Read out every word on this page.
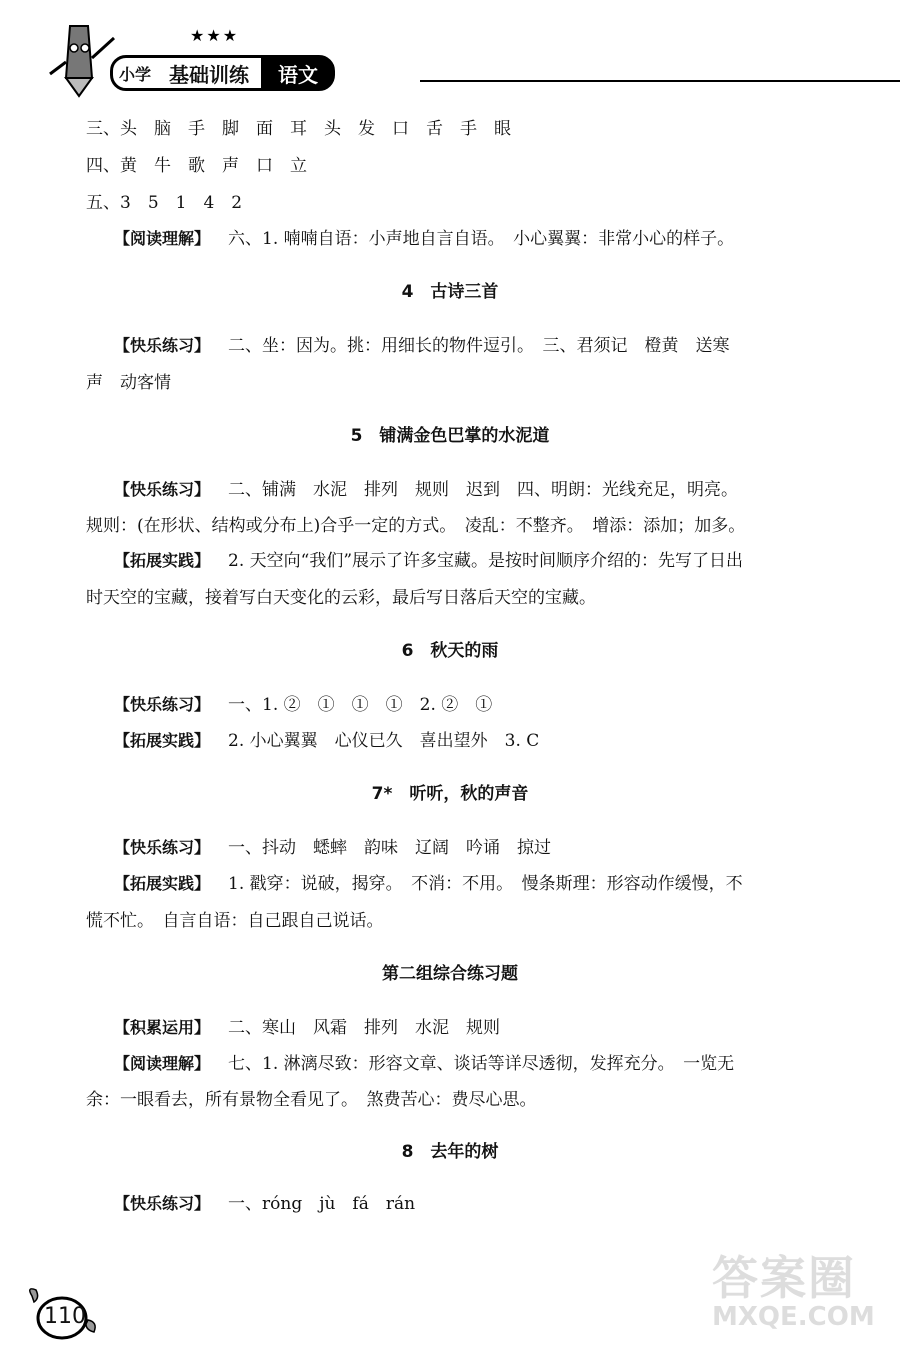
★★★
小学 基础训练	语文
三、头　脑　手　脚　面　耳　头　发　口　舌　手　眼
四、黄　牛　歌　声　口　立
五、3　5　1　4　2
【阅读理解】 六、1. 喃喃自语：小声地自言自语。　小心翼翼：非常小心的样子。
4　古诗三首
【快乐练习】 二、坐：因为。挑：用细长的物件逗引。　三、君须记　橙黄　送寒
声　动客情
5　铺满金色巴掌的水泥道
【快乐练习】 二、铺满　水泥　排列　规则　迟到　四、明朗：光线充足，明亮。
规则：(在形状、结构或分布上)合乎一定的方式。　凌乱：不整齐。　增添：添加；加多。
【拓展实践】 2. 天空向“我们”展示了许多宝藏。是按时间顺序介绍的：先写了日出
时天空的宝藏，接着写白天变化的云彩，最后写日落后天空的宝藏。
6　秋天的雨
【快乐练习】 一、1. ②　①　①　①　2. ②　①
【拓展实践】 2. 小心翼翼　心仪已久　喜出望外　3. C
7*　听听，秋的声音
【快乐练习】 一、抖动　蟋蟀　韵味　辽阔　吟诵　掠过
【拓展实践】 1. 戳穿：说破，揭穿。　不消：不用。　慢条斯理：形容动作缓慢，不
慌不忙。　自言自语：自己跟自己说话。
第二组综合练习题
【积累运用】 二、寒山　风霜　排列　水泥　规则
【阅读理解】 七、1. 淋漓尽致：形容文章、谈话等详尽透彻，发挥充分。　一览无
余：一眼看去，所有景物全看见了。　煞费苦心：费尽心思。
8　去年的树
【快乐练习】 一、róng　jù　fá　rán
110
答案圈
MXQE.COM
